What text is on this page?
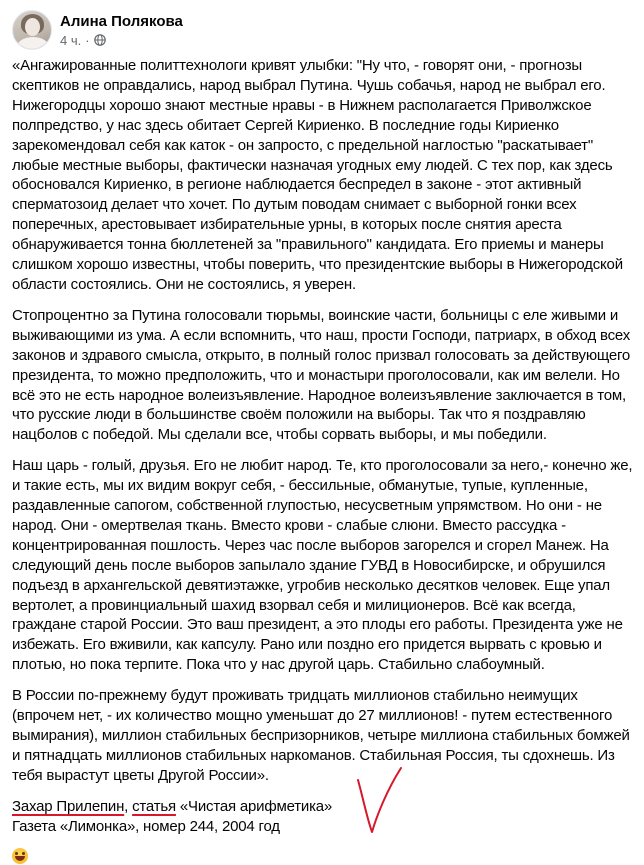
Алина Полякова
4 ч. ·

«Ангажированные политтехнологи кривят улыбки: "Ну что, - говорят они, - прогнозы скептиков не оправдались, народ выбрал Путина. Чушь собачья, народ не выбрал его. Нижегородцы хорошо знают местные нравы - в Нижнем располагается Приволжское полпредство, у нас здесь обитает Сергей Кириенко. В последние годы Кириенко зарекомендовал себя как каток - он запросто, с предельной наглостью "раскатывает" любые местные выборы, фактически назначая угодных ему людей. С тех пор, как здесь обосновался Кириенко, в регионе наблюдается беспредел в законе - этот активный сперматозоид делает что хочет. По дутым поводам снимает с выборной гонки всех поперечных, арестовывает избирательные урны, в которых после снятия ареста обнаруживается тонна бюллетеней за "правильного" кандидата. Его приемы и манеры слишком хорошо известны, чтобы поверить, что президентские выборы в Нижегородской области состоялись. Они не состоялись, я уверен.

Стопроцентно за Путина голосовали тюрьмы, воинские части, больницы с еле живыми и выживающими из ума. А если вспомнить, что наш, прости Господи, патриарх, в обход всех законов и здравого смысла, открыто, в полный голос призвал голосовать за действующего президента, то можно предположить, что и монастыри проголосовали, как им велели. Но всё это не есть народное волеизъявление. Народное волеизъявление заключается в том, что русские люди в большинстве своём положили на выборы. Так что я поздравляю нацболов с победой. Мы сделали все, чтобы сорвать выборы, и мы победили.

Наш царь - голый, друзья. Его не любит народ. Те, кто проголосовали за него,- конечно же, и такие есть, мы их видим вокруг себя, - бессильные, обманутые, тупые, купленные, раздавленные сапогом, собственной глупостью, несусветным упрямством. Но они - не народ. Они - омертвелая ткань. Вместо крови - слабые слюни. Вместо рассудка - концентрированная пошлость. Через час после выборов загорелся и сгорел Манеж. На следующий день после выборов запылало здание ГУВД в Новосибирске, и обрушился подъезд в архангельской девятиэтажке, угробив несколько десятков человек. Еще упал вертолет, а провинциальный шахид взорвал себя и милиционеров. Всё как всегда, граждане старой России. Это ваш президент, а это плоды его работы. Президента уже не избежать. Его вживили, как капсулу. Рано или поздно его придется вырвать с кровью и плотью, но пока терпите. Пока что у нас другой царь. Стабильно слабоумный.

В России по-прежнему будут проживать тридцать миллионов стабильно неимущих (впрочем нет, - их количество мощно уменьшат до 27 миллионов! - путем естественного вымирания), миллион стабильных беспризорников, четыре миллиона стабильных бомжей и пятнадцать миллионов стабильных наркоманов. Стабильная Россия, ты сдохнешь. Из тебя вырастут цветы Другой России».

Захар Прилепин, статья «Чистая арифметика»
Газета «Лимонка», номер 244, 2004 год
